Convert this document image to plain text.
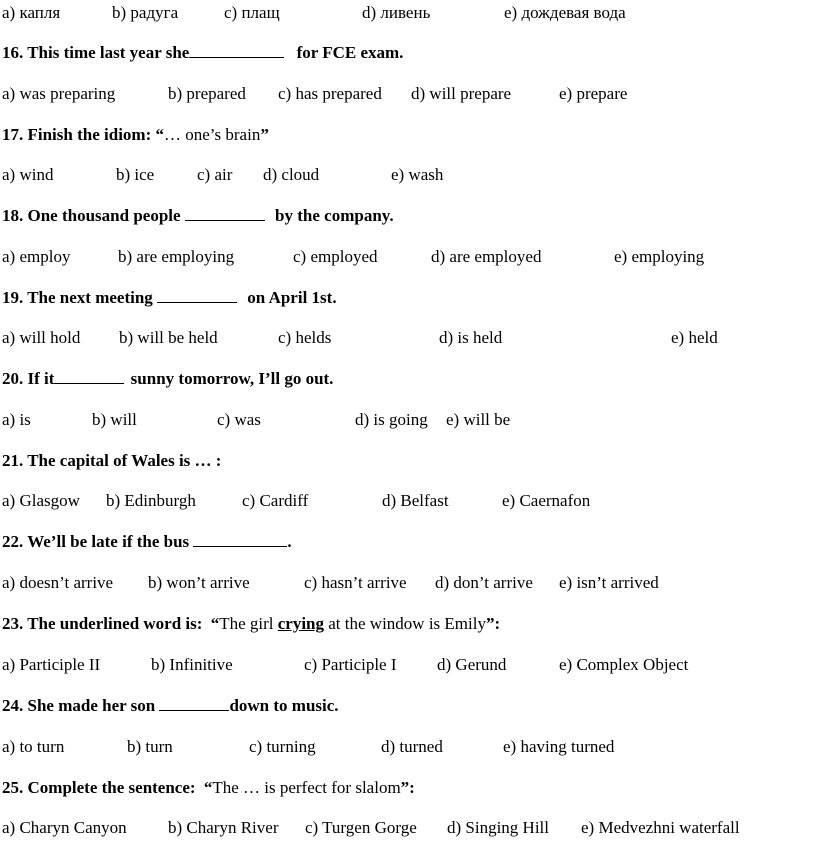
a) капля	b) радуга	c) плащ	d) ливень	e) дождевая вода
16. This time last year she	for FCE exam.
a) was preparing	b) prepared c) has prepared d) will prepare	e) prepare
17. Finish the idiom: “… one’s brain”
a) wind	b) ice	c) air d) cloud	e) wash
18. One thousand people	by the company.
a) employ	b) are employing	c) employed	d) are employed	e) employing
19. The next meeting	on April 1st.
a) will hold b) will be held	c) helds	d) is held	e) held
20. If it	sunny tomorrow, I’ll go out.
a) is	b) will	c) was	d) is going e) will be
21. The capital of Wales is … :
a) Glasgow b) Edinburgh	c) Cardiff	d) Belfast	e) Caernafon
22. We’ll be late if the bus	.
a) doesn’t arrive b) won’t arrive	c) hasn’t arrive d) don’t arrive e) isn’t arrived
23. The underlined word is: “The girl crying at the window is Emily”:
a) Participle II	b) Infinitive	c) Participle I d) Gerund	e) Complex Object
24. She made her son	down to music.
a) to turn	b) turn	c) turning	d) turned	e) having turned
25. Complete the sentence: “The … is perfect for slalom”:
a) Charyn Canyon b) Charyn River c) Turgen Gorge d) Singing Hill e) Medvezhni waterfall
